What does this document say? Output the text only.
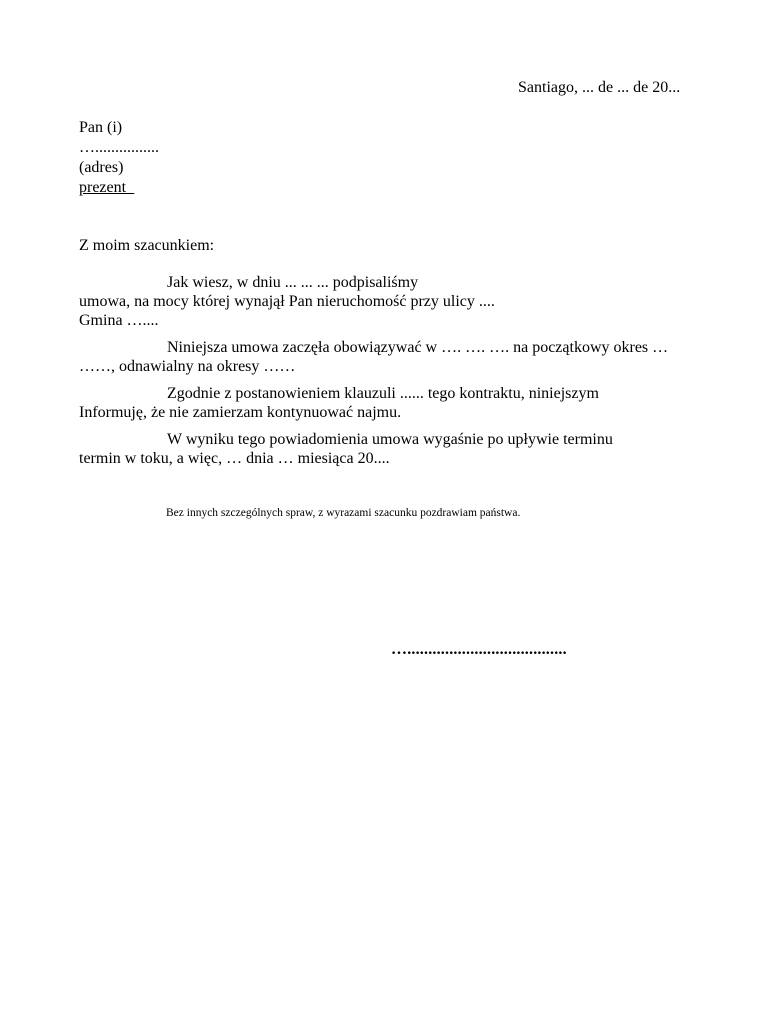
Santiago, ... de ... de 20...
Pan (i)
…................
(adres)
prezent_
Z moim szacunkiem:
Jak wiesz, w dniu ... ... ... podpisaliśmy
umowa, na mocy której wynajął Pan nieruchomość przy ulicy ....
Gmina …....
Niniejsza umowa zaczęła obowiązywać w …. …. …. na początkowy okres …
……, odnawialny na okresy ……
Zgodnie z postanowieniem klauzuli ...... tego kontraktu, niniejszym
Informuję, że nie zamierzam kontynuować najmu.
W wyniku tego powiadomienia umowa wygaśnie po upływie terminu
termin w toku, a więc, … dnia … miesiąca 20....
Bez innych szczególnych spraw, z wyrazami szacunku pozdrawiam państwa.
…......................................
